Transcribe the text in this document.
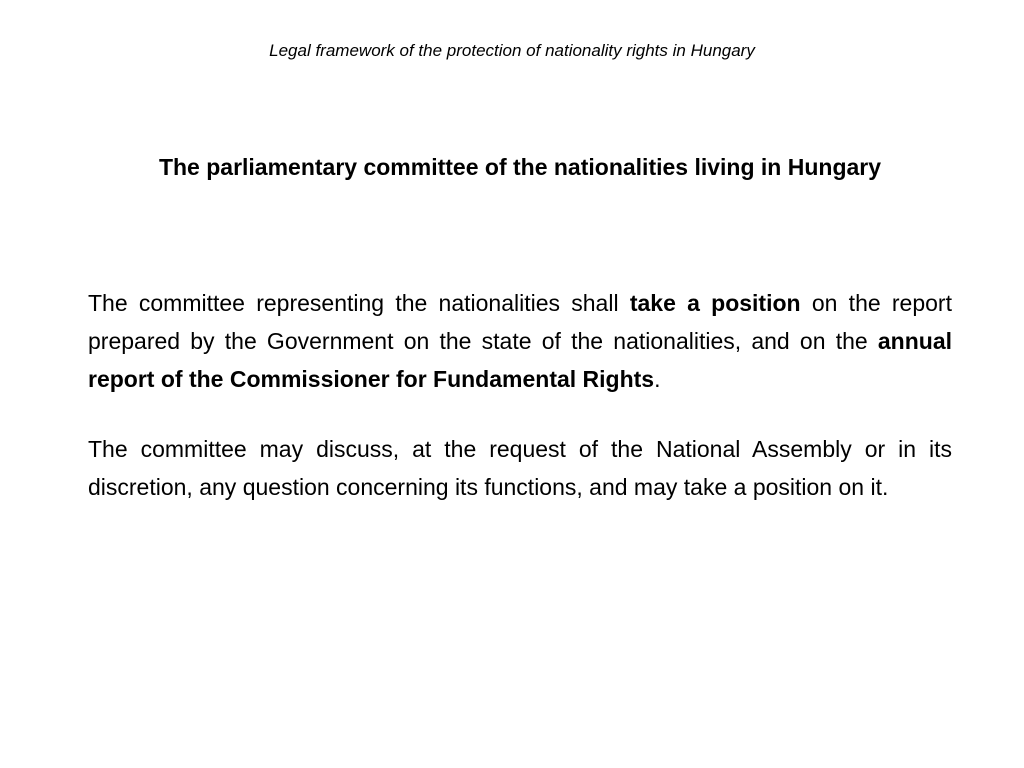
Legal framework of the protection of nationality rights in Hungary
The parliamentary committee of the nationalities living in Hungary

The committee representing the nationalities shall take a position on the report prepared by the Government on the state of the nationalities, and on the annual report of the Commissioner for Fundamental Rights.

The committee may discuss, at the request of the National Assembly or in its discretion, any question concerning its functions, and may take a position on it.
